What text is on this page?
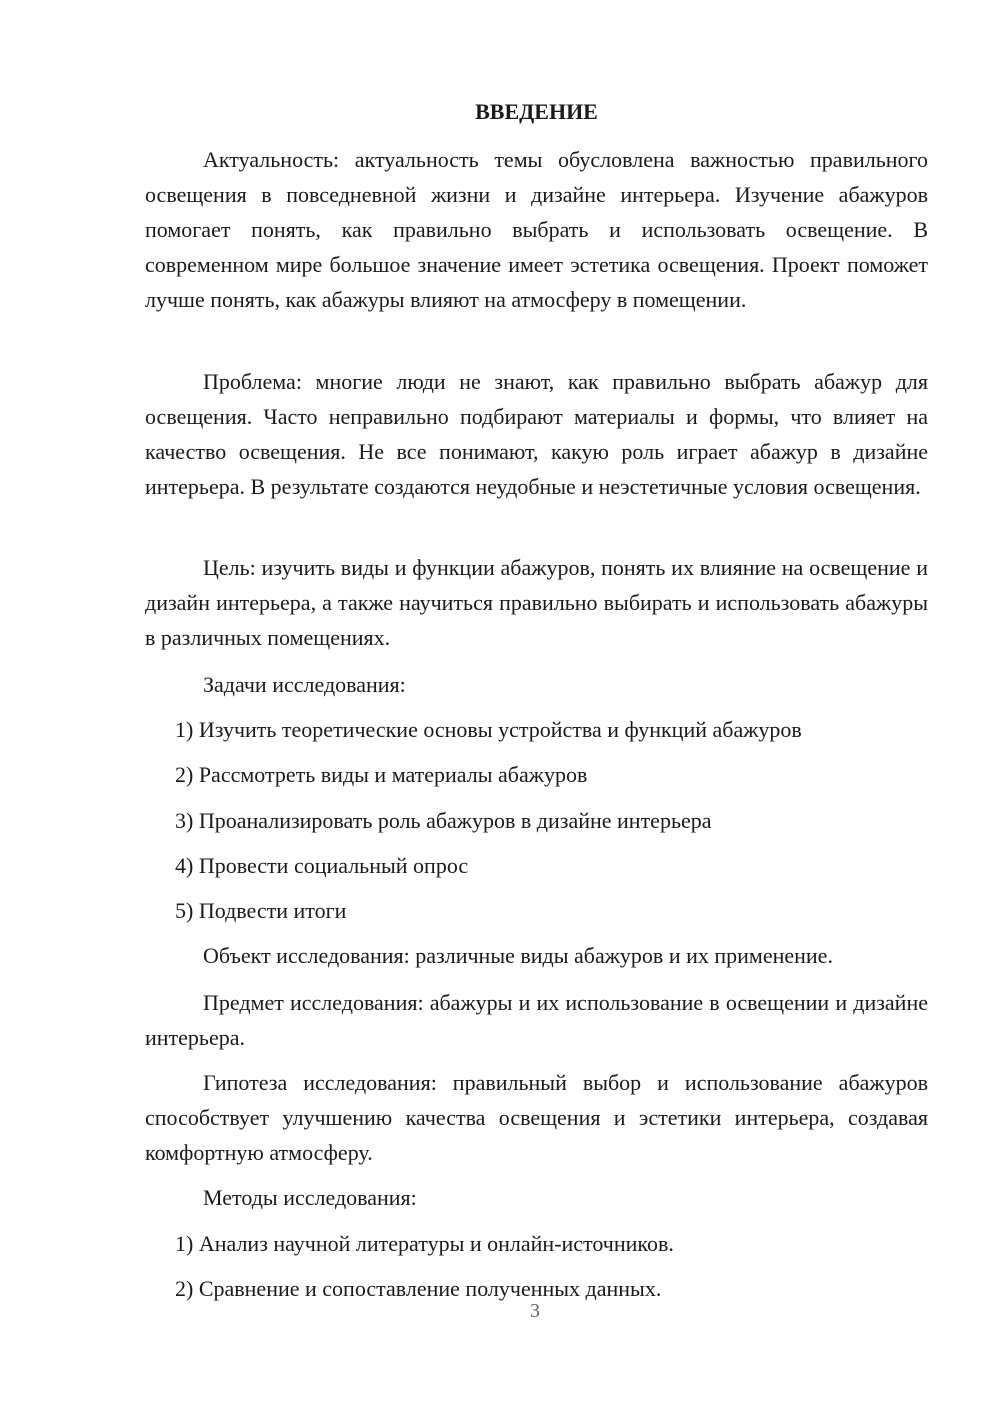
ВВЕДЕНИЕ

Актуальность: актуальность темы обусловлена важностью правильного освещения в повседневной жизни и дизайне интерьера. Изучение абажуров помогает понять, как правильно выбрать и использовать освещение. В современном мире большое значение имеет эстетика освещения. Проект поможет лучше понять, как абажуры влияют на атмосферу в помещении.

Проблема: многие люди не знают, как правильно выбрать абажур для освещения. Часто неправильно подбирают материалы и формы, что влияет на качество освещения. Не все понимают, какую роль играет абажур в дизайне интерьера. В результате создаются неудобные и неэстетичные условия освещения.

Цель: изучить виды и функции абажуров, понять их влияние на освещение и дизайн интерьера, а также научиться правильно выбирать и использовать абажуры в различных помещениях.

Задачи исследования:

1) Изучить теоретические основы устройства и функций абажуров

2) Рассмотреть виды и материалы абажуров

3) Проанализировать роль абажуров в дизайне интерьера

4) Провести социальный опрос

5) Подвести итоги

Объект исследования: различные виды абажуров и их применение.

Предмет исследования: абажуры и их использование в освещении и дизайне интерьера.

Гипотеза исследования: правильный выбор и использование абажуров способствует улучшению качества освещения и эстетики интерьера, создавая комфортную атмосферу.

Методы исследования:

1) Анализ научной литературы и онлайн-источников.

2) Сравнение и сопоставление полученных данных.

3
